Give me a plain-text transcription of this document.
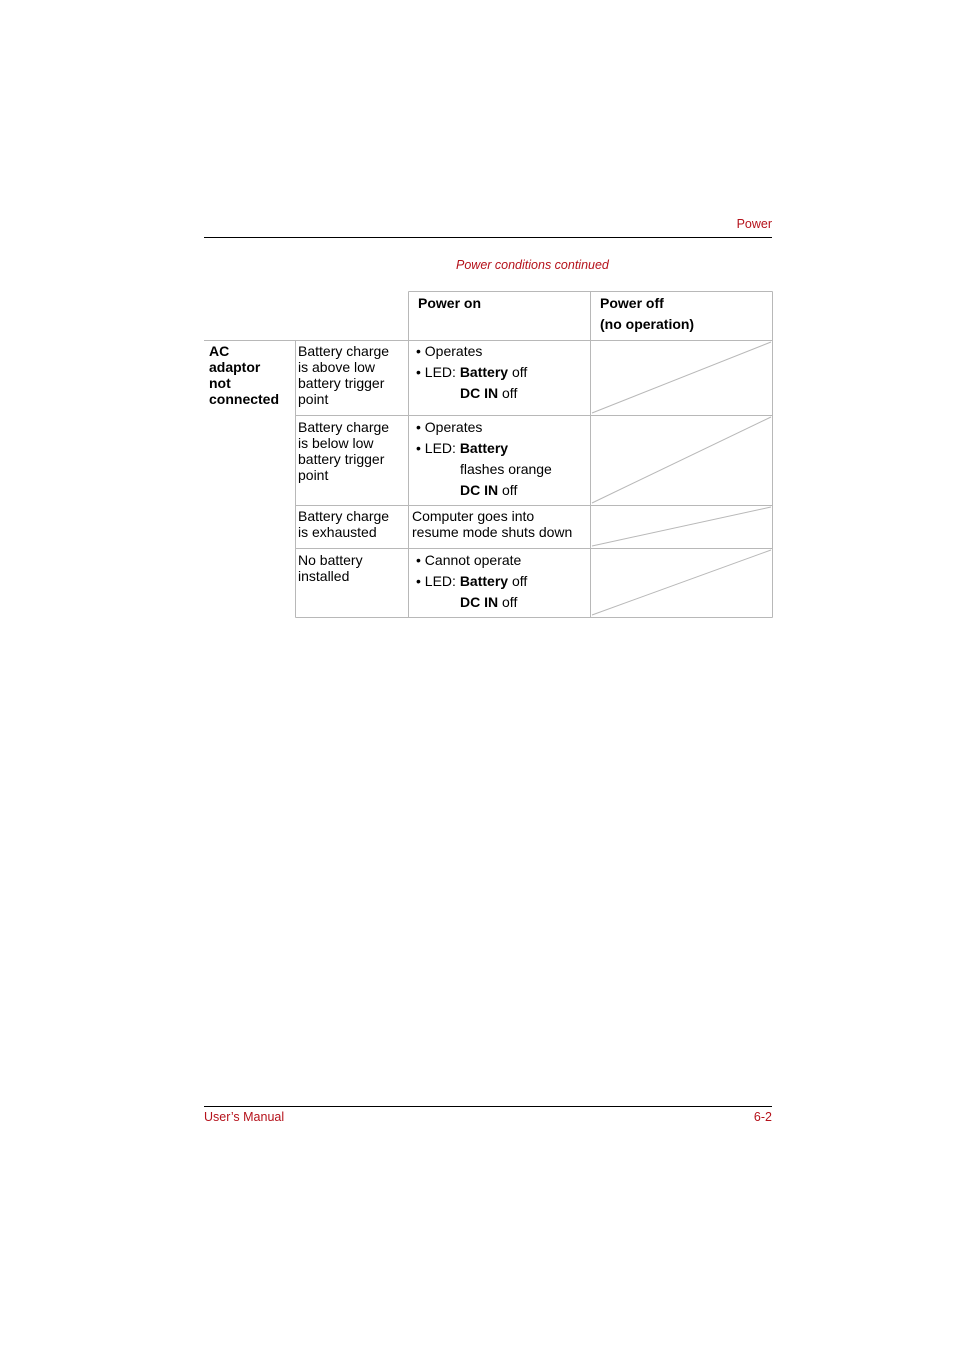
Power
Power conditions continued
Power on	Power off
(no operation)
AC
adaptor
not
connected
Battery charge
is above low
battery trigger
point
• Operates
• LED: Battery off
DC IN off
Battery charge
is below low
battery trigger
point
• Operates
• LED: Battery
flashes orange
DC IN off
Battery charge
is exhausted
Computer goes into
resume mode shuts down
No battery
installed
• Cannot operate
• LED: Battery off
DC IN off
User’s Manual	6-2
